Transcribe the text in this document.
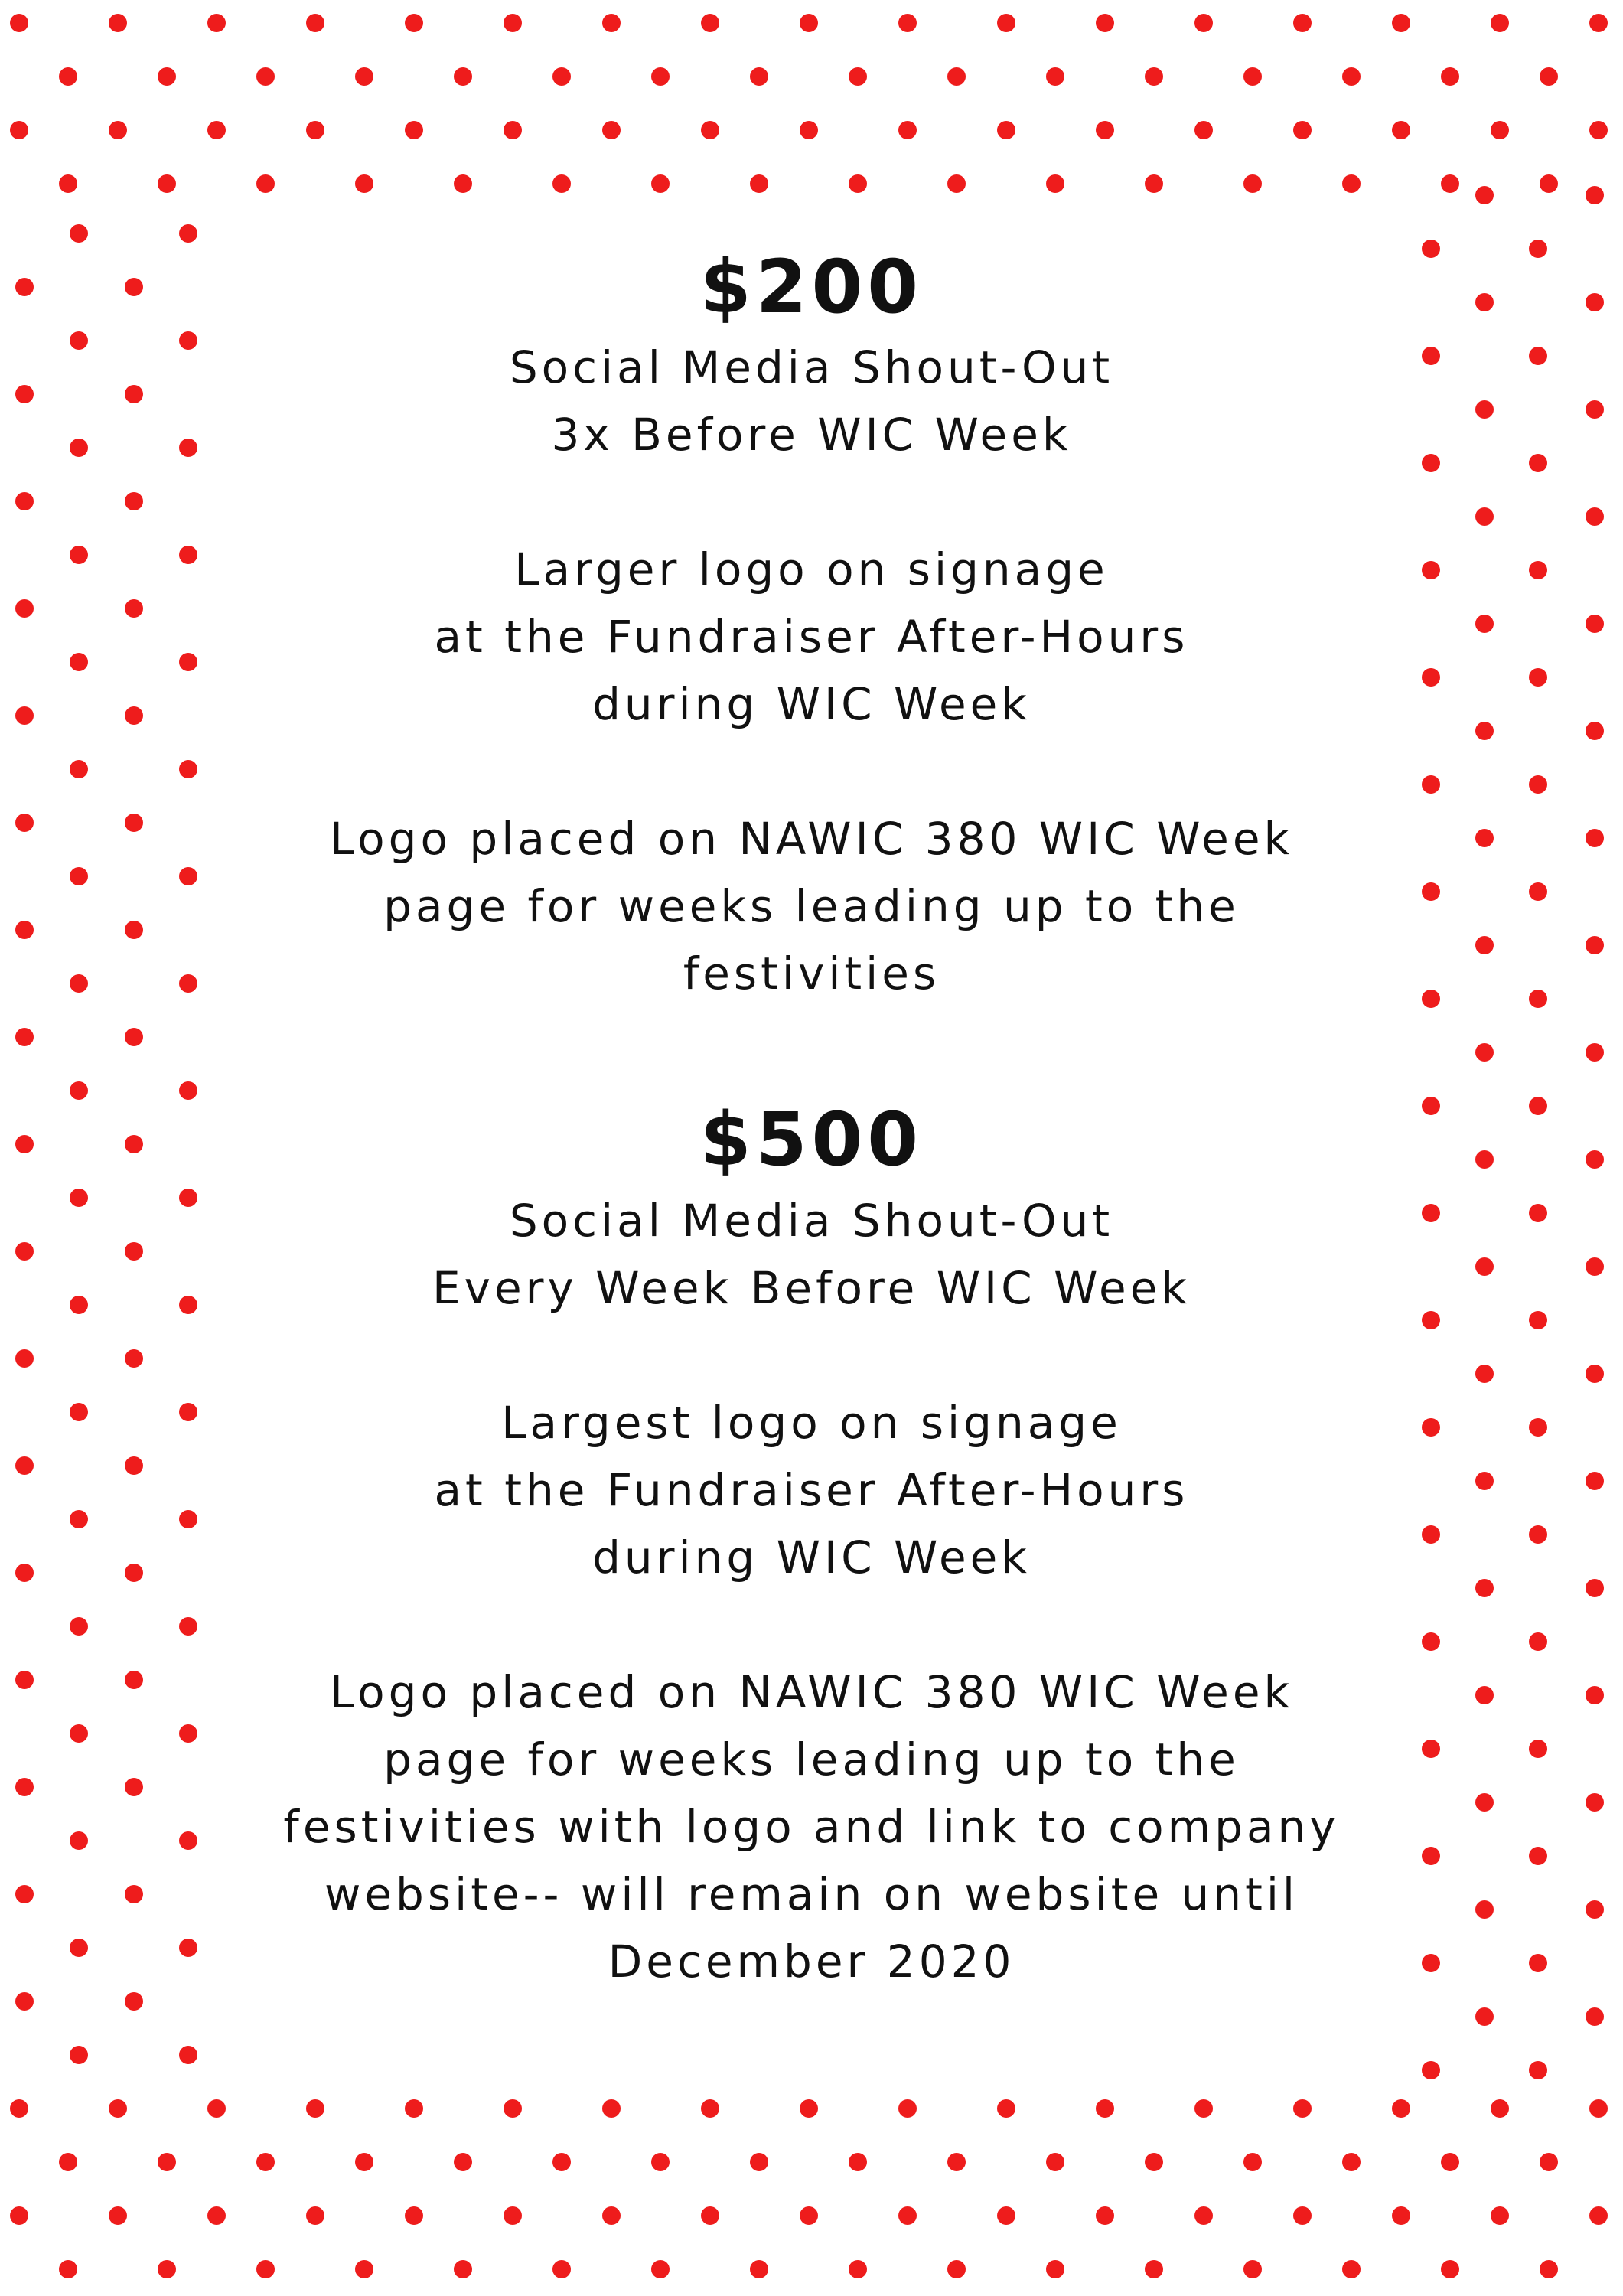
$200
Social Media Shout-Out
3x Before WIC Week
Larger logo on signage
at the Fundraiser After-Hours
during WIC Week
Logo placed on NAWIC 380 WIC Week
page for weeks leading up to the
festivities
$500
Social Media Shout-Out
Every Week Before WIC Week
Largest logo on signage
at the Fundraiser After-Hours
during WIC Week
Logo placed on NAWIC 380 WIC Week
page for weeks leading up to the
festivities with logo and link to company
website-- will remain on website until
December 2020
